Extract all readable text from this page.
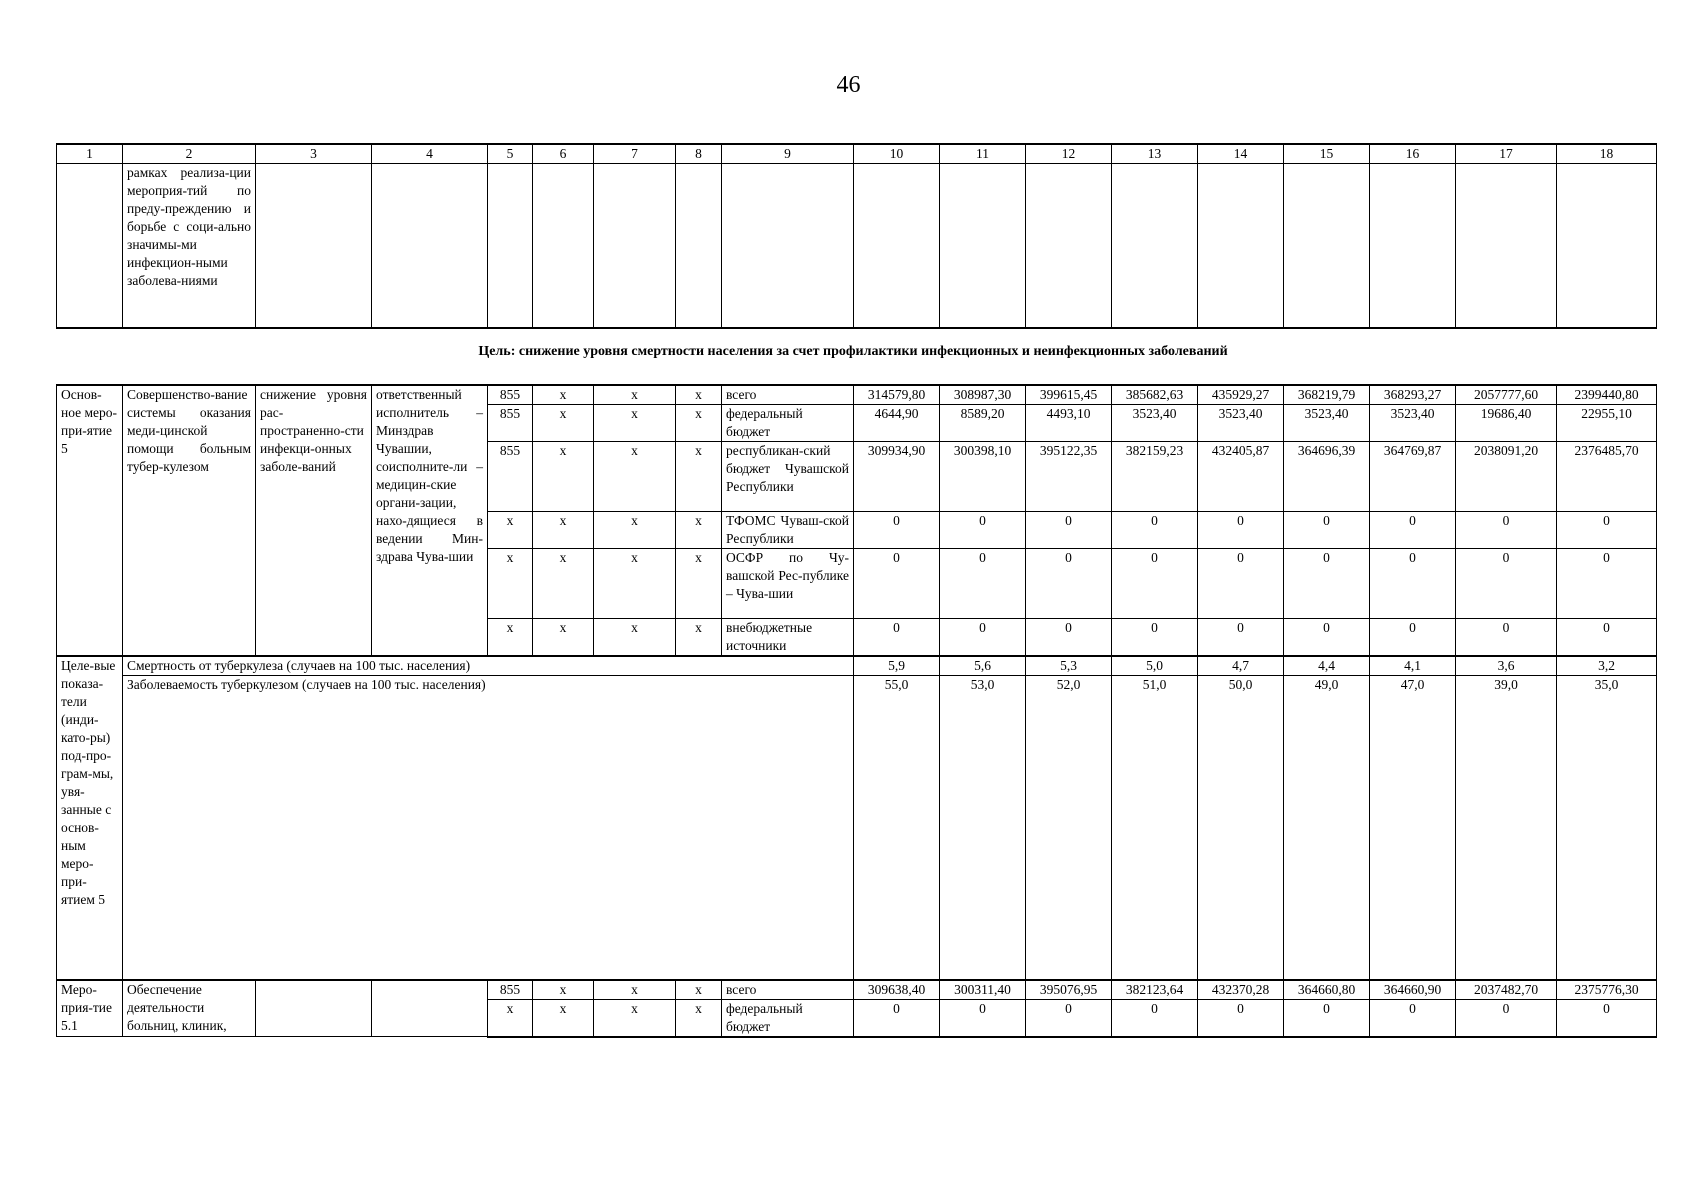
46
1	2	3	4	5	6	7	8	9	10	11	12	13	14	15	16	17	18
	рамках реализа-ции мероприя-тий по преду-преждению и борьбе с соци-ально значимы-ми инфекцион-ными заболева-ниями																
Цель: снижение уровня смертности населения за счет профилактики инфекционных и неинфекционных заболеваний
Основ-ное меро-при-ятие 5	Совершенство-вание системы оказания меди-цинской помощи больным тубер-кулезом	снижение уровня рас-пространенно-сти инфекци-онных заболе-ваний	ответственный исполнитель – Минздрав Чувашии, соисполните-ли – медицин-ские органи-зации, нахо-дящиеся в ведении Мин-здрава Чува-шии	855	x	x	x	всего	314579,80	308987,30	399615,45	385682,63	435929,27	368219,79	368293,27	2057777,60	2399440,80
				855	x	x	x	федеральный бюджет	4644,90	8589,20	4493,10	3523,40	3523,40	3523,40	3523,40	19686,40	22955,10
				855	x	x	x	республикан-ский бюджет Чувашской Республики	309934,90	300398,10	395122,35	382159,23	432405,87	364696,39	364769,87	2038091,20	2376485,70
				x	x	x	x	ТФОМС Чуваш-ской Республики	0	0	0	0	0	0	0	0	0
				x	x	x	x	ОСФР по Чу-вашской Рес-публике – Чува-шии	0	0	0	0	0	0	0	0	0
				x	x	x	x	внебюджетные источники	0	0	0	0	0	0	0	0	0
Целе-вые показа-тели (инди-като-ры) под-про-грам-мы, увя-занные с основ-ным меро-при-ятием 5	Смертность от туберкулеза (случаев на 100 тыс. населения)								5,9	5,6	5,3	5,0	4,7	4,4	4,1	3,6	3,2
	Заболеваемость туберкулезом (случаев на 100 тыс. населения)								55,0	53,0	52,0	51,0	50,0	49,0	47,0	39,0	35,0
Меро-прия-тие 5.1	Обеспечение деятельности больниц, клиник,			855	x	x	x	всего	309638,40	300311,40	395076,95	382123,64	432370,28	364660,80	364660,90	2037482,70	2375776,30
				x	x	x	x	федеральный бюджет	0	0	0	0	0	0	0	0	0
